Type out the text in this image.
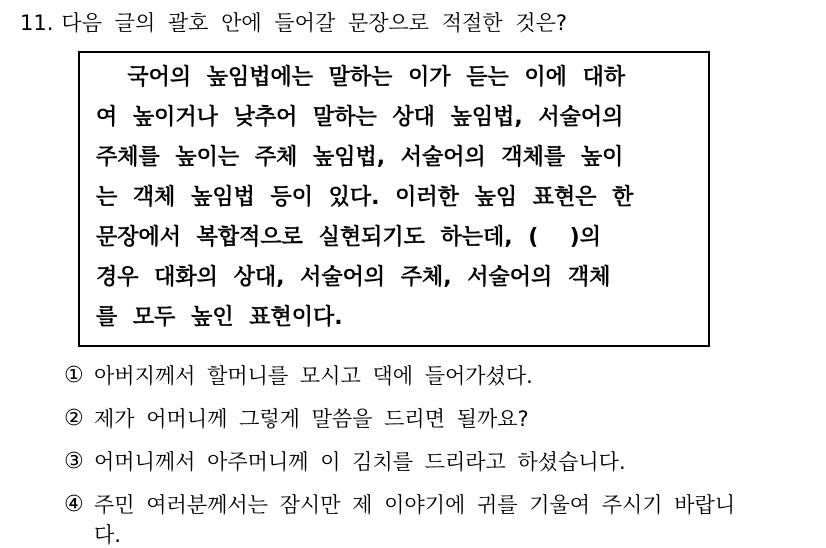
11. 다음 글의 괄호 안에 들어갈 문장으로 적절한 것은?
국어의 높임법에는 말하는 이가 듣는 이에 대하
여 높이거나 낮추어 말하는 상대 높임법, 서술어의
주체를 높이는 주체 높임법, 서술어의 객체를 높이
는 객체 높임법 등이 있다. 이러한 높임 표현은 한
문장에서 복합적으로 실현되기도 하는데, (  )의
경우 대화의 상대, 서술어의 주체, 서술어의 객체
를 모두 높인 표현이다.
① 아버지께서 할머니를 모시고 댁에 들어가셨다.
② 제가 어머니께 그렇게 말씀을 드리면 될까요?
③ 어머니께서 아주머니께 이 김치를 드리라고 하셨습니다.
④ 주민 여러분께서는 잠시만 제 이야기에 귀를 기울여 주시기 바랍니다.
